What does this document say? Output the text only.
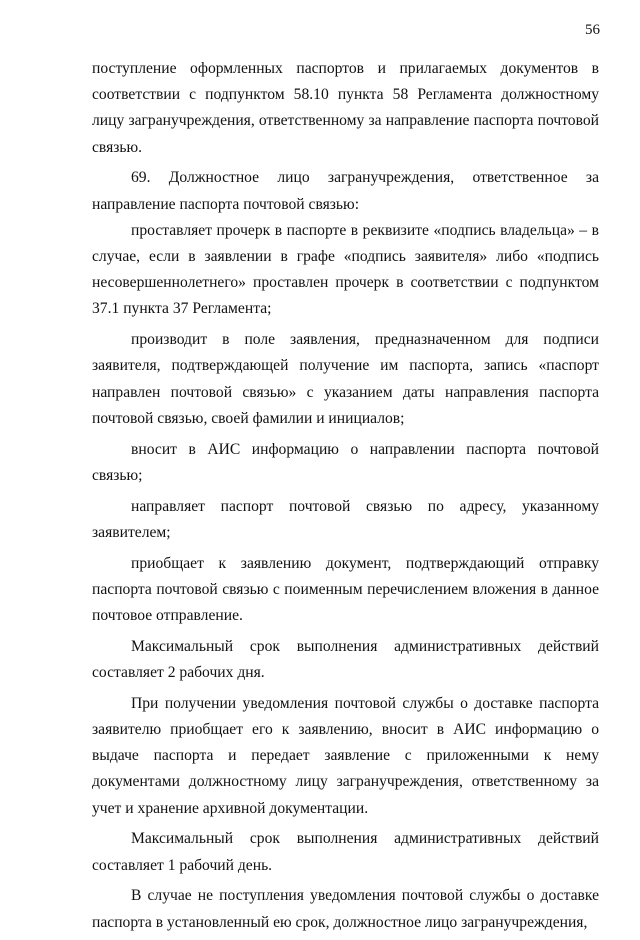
56

поступление оформленных паспортов и прилагаемых документов в соответствии с подпунктом 58.10 пункта 58 Регламента должностному лицу загранучреждения, ответственному за направление паспорта почтовой связью.

69. Должностное лицо загранучреждения, ответственное за направление паспорта почтовой связью:

проставляет прочерк в паспорте в реквизите «подпись владельца» – в случае, если в заявлении в графе «подпись заявителя» либо «подпись несовершеннолетнего» проставлен прочерк в соответствии с подпунктом 37.1 пункта 37 Регламента;

производит в поле заявления, предназначенном для подписи заявителя, подтверждающей получение им паспорта, запись «паспорт направлен почтовой связью» с указанием даты направления паспорта почтовой связью, своей фамилии и инициалов;

вносит в АИС информацию о направлении паспорта почтовой связью;

направляет паспорт почтовой связью по адресу, указанному заявителем;

приобщает к заявлению документ, подтверждающий отправку паспорта почтовой связью с поименным перечислением вложения в данное почтовое отправление.

Максимальный срок выполнения административных действий составляет 2 рабочих дня.

При получении уведомления почтовой службы о доставке паспорта заявителю приобщает его к заявлению, вносит в АИС информацию о выдаче паспорта и передает заявление с приложенными к нему документами должностному лицу загранучреждения, ответственному за учет и хранение архивной документации.

Максимальный срок выполнения административных действий составляет 1 рабочий день.

В случае не поступления уведомления почтовой службы о доставке паспорта в установленный ею срок, должностное лицо загранучреждения,
